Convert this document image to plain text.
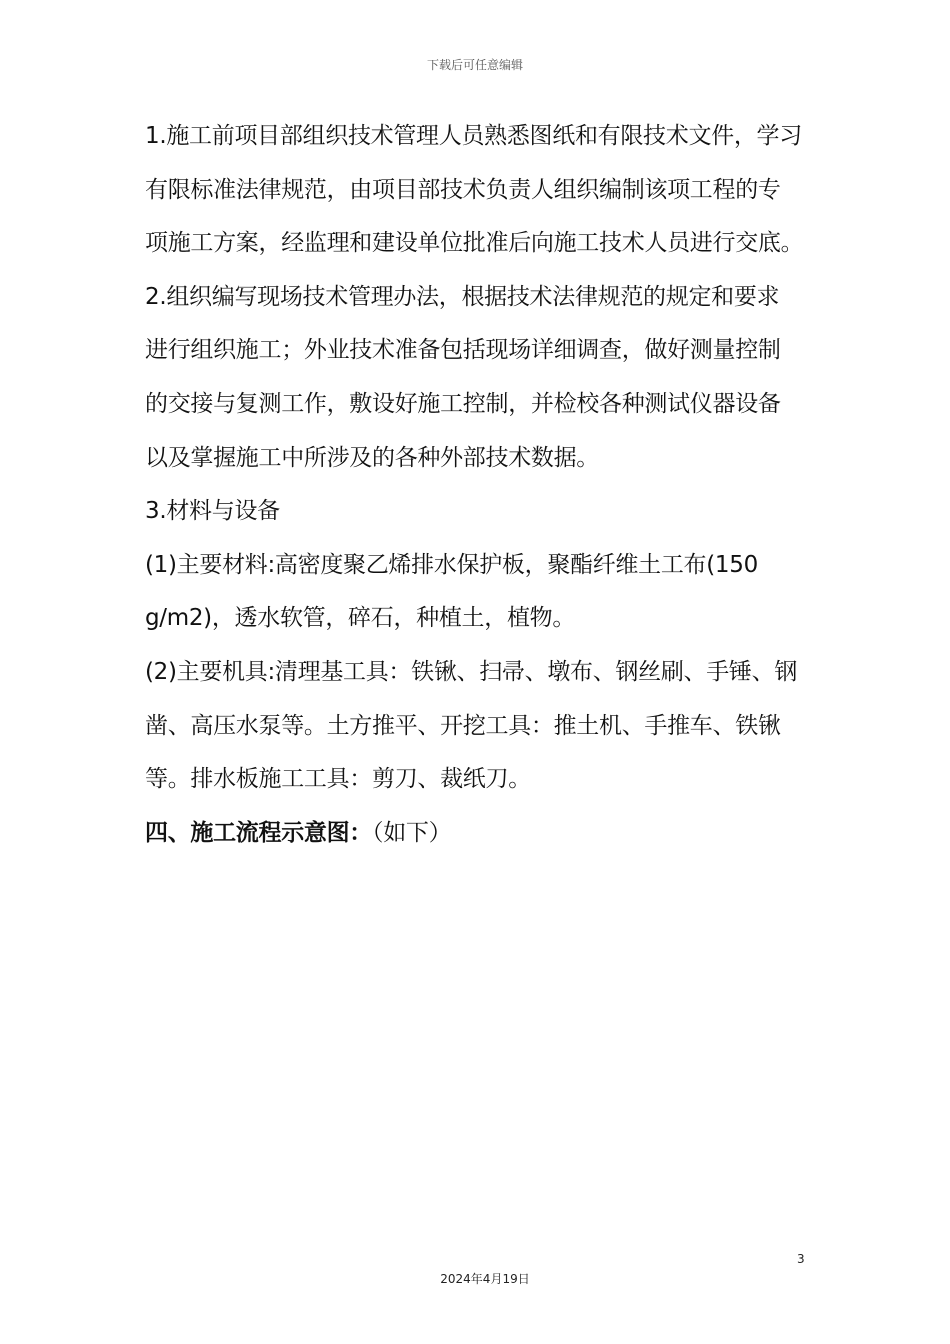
下载后可任意编辑
1.施工前项目部组织技术管理人员熟悉图纸和有限技术文件，学习
有限标准法律规范，由项目部技术负责人组织编制该项工程的专
项施工方案，经监理和建设单位批准后向施工技术人员进行交底。
2.组织编写现场技术管理办法，根据技术法律规范的规定和要求
进行组织施工；外业技术准备包括现场详细调查，做好测量控制
的交接与复测工作，敷设好施工控制，并检校各种测试仪器设备
以及掌握施工中所涉及的各种外部技术数据。
3.材料与设备
(1)主要材料:高密度聚乙烯排水保护板，聚酯纤维土工布(150
g/m2)，透水软管，碎石，种植土，植物。
(2)主要机具:清理基工具：铁锹、扫帚、墩布、钢丝刷、手锤、钢
凿、高压水泵等。土方推平、开挖工具：推土机、手推车、铁锹
等。排水板施工工具：剪刀、裁纸刀。
四、施工流程示意图：（如下）
3
2024年4月19日
